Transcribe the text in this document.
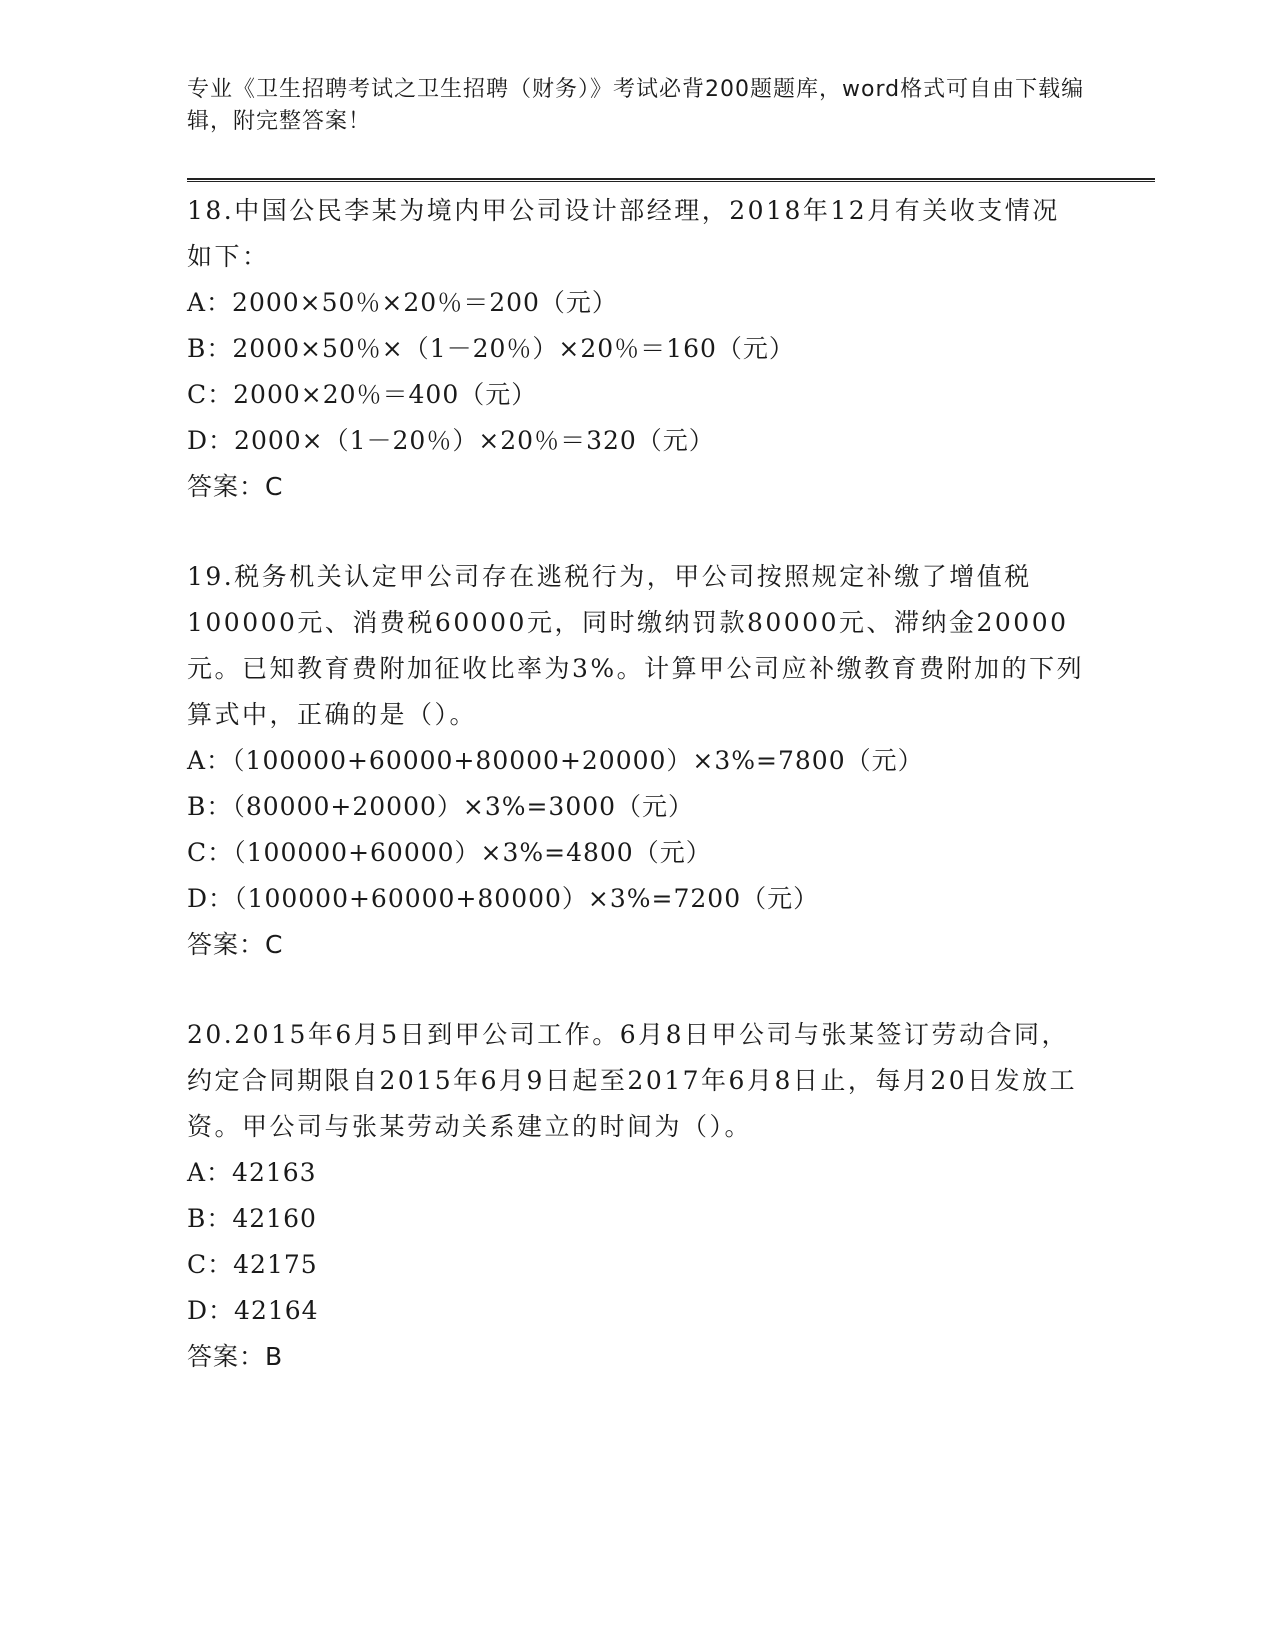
专业《卫生招聘考试之卫生招聘（财务）》考试必背200题题库，word格式可自由下载编辑，附完整答案！
18.中国公民李某为境内甲公司设计部经理，2018年12月有关收支情况如下：
A：2000×50％×20％＝200（元）
B：2000×50％×（1－20％）×20％＝160（元）
C：2000×20％＝400（元）
D：2000×（1－20％）×20％＝320（元）
答案：C
19.税务机关认定甲公司存在逃税行为，甲公司按照规定补缴了增值税100000元、消费税60000元，同时缴纳罚款80000元、滞纳金20000元。已知教育费附加征收比率为3%。计算甲公司应补缴教育费附加的下列算式中，正确的是（）。
A：（100000+60000+80000+20000）×3%=7800（元）
B：（80000+20000）×3%=3000（元）
C：（100000+60000）×3%=4800（元）
D：（100000+60000+80000）×3%=7200（元）
答案：C
20.2015年6月5日到甲公司工作。6月8日甲公司与张某签订劳动合同，约定合同期限自2015年6月9日起至2017年6月8日止，每月20日发放工资。甲公司与张某劳动关系建立的时间为（）。
A：42163
B：42160
C：42175
D：42164
答案：B
